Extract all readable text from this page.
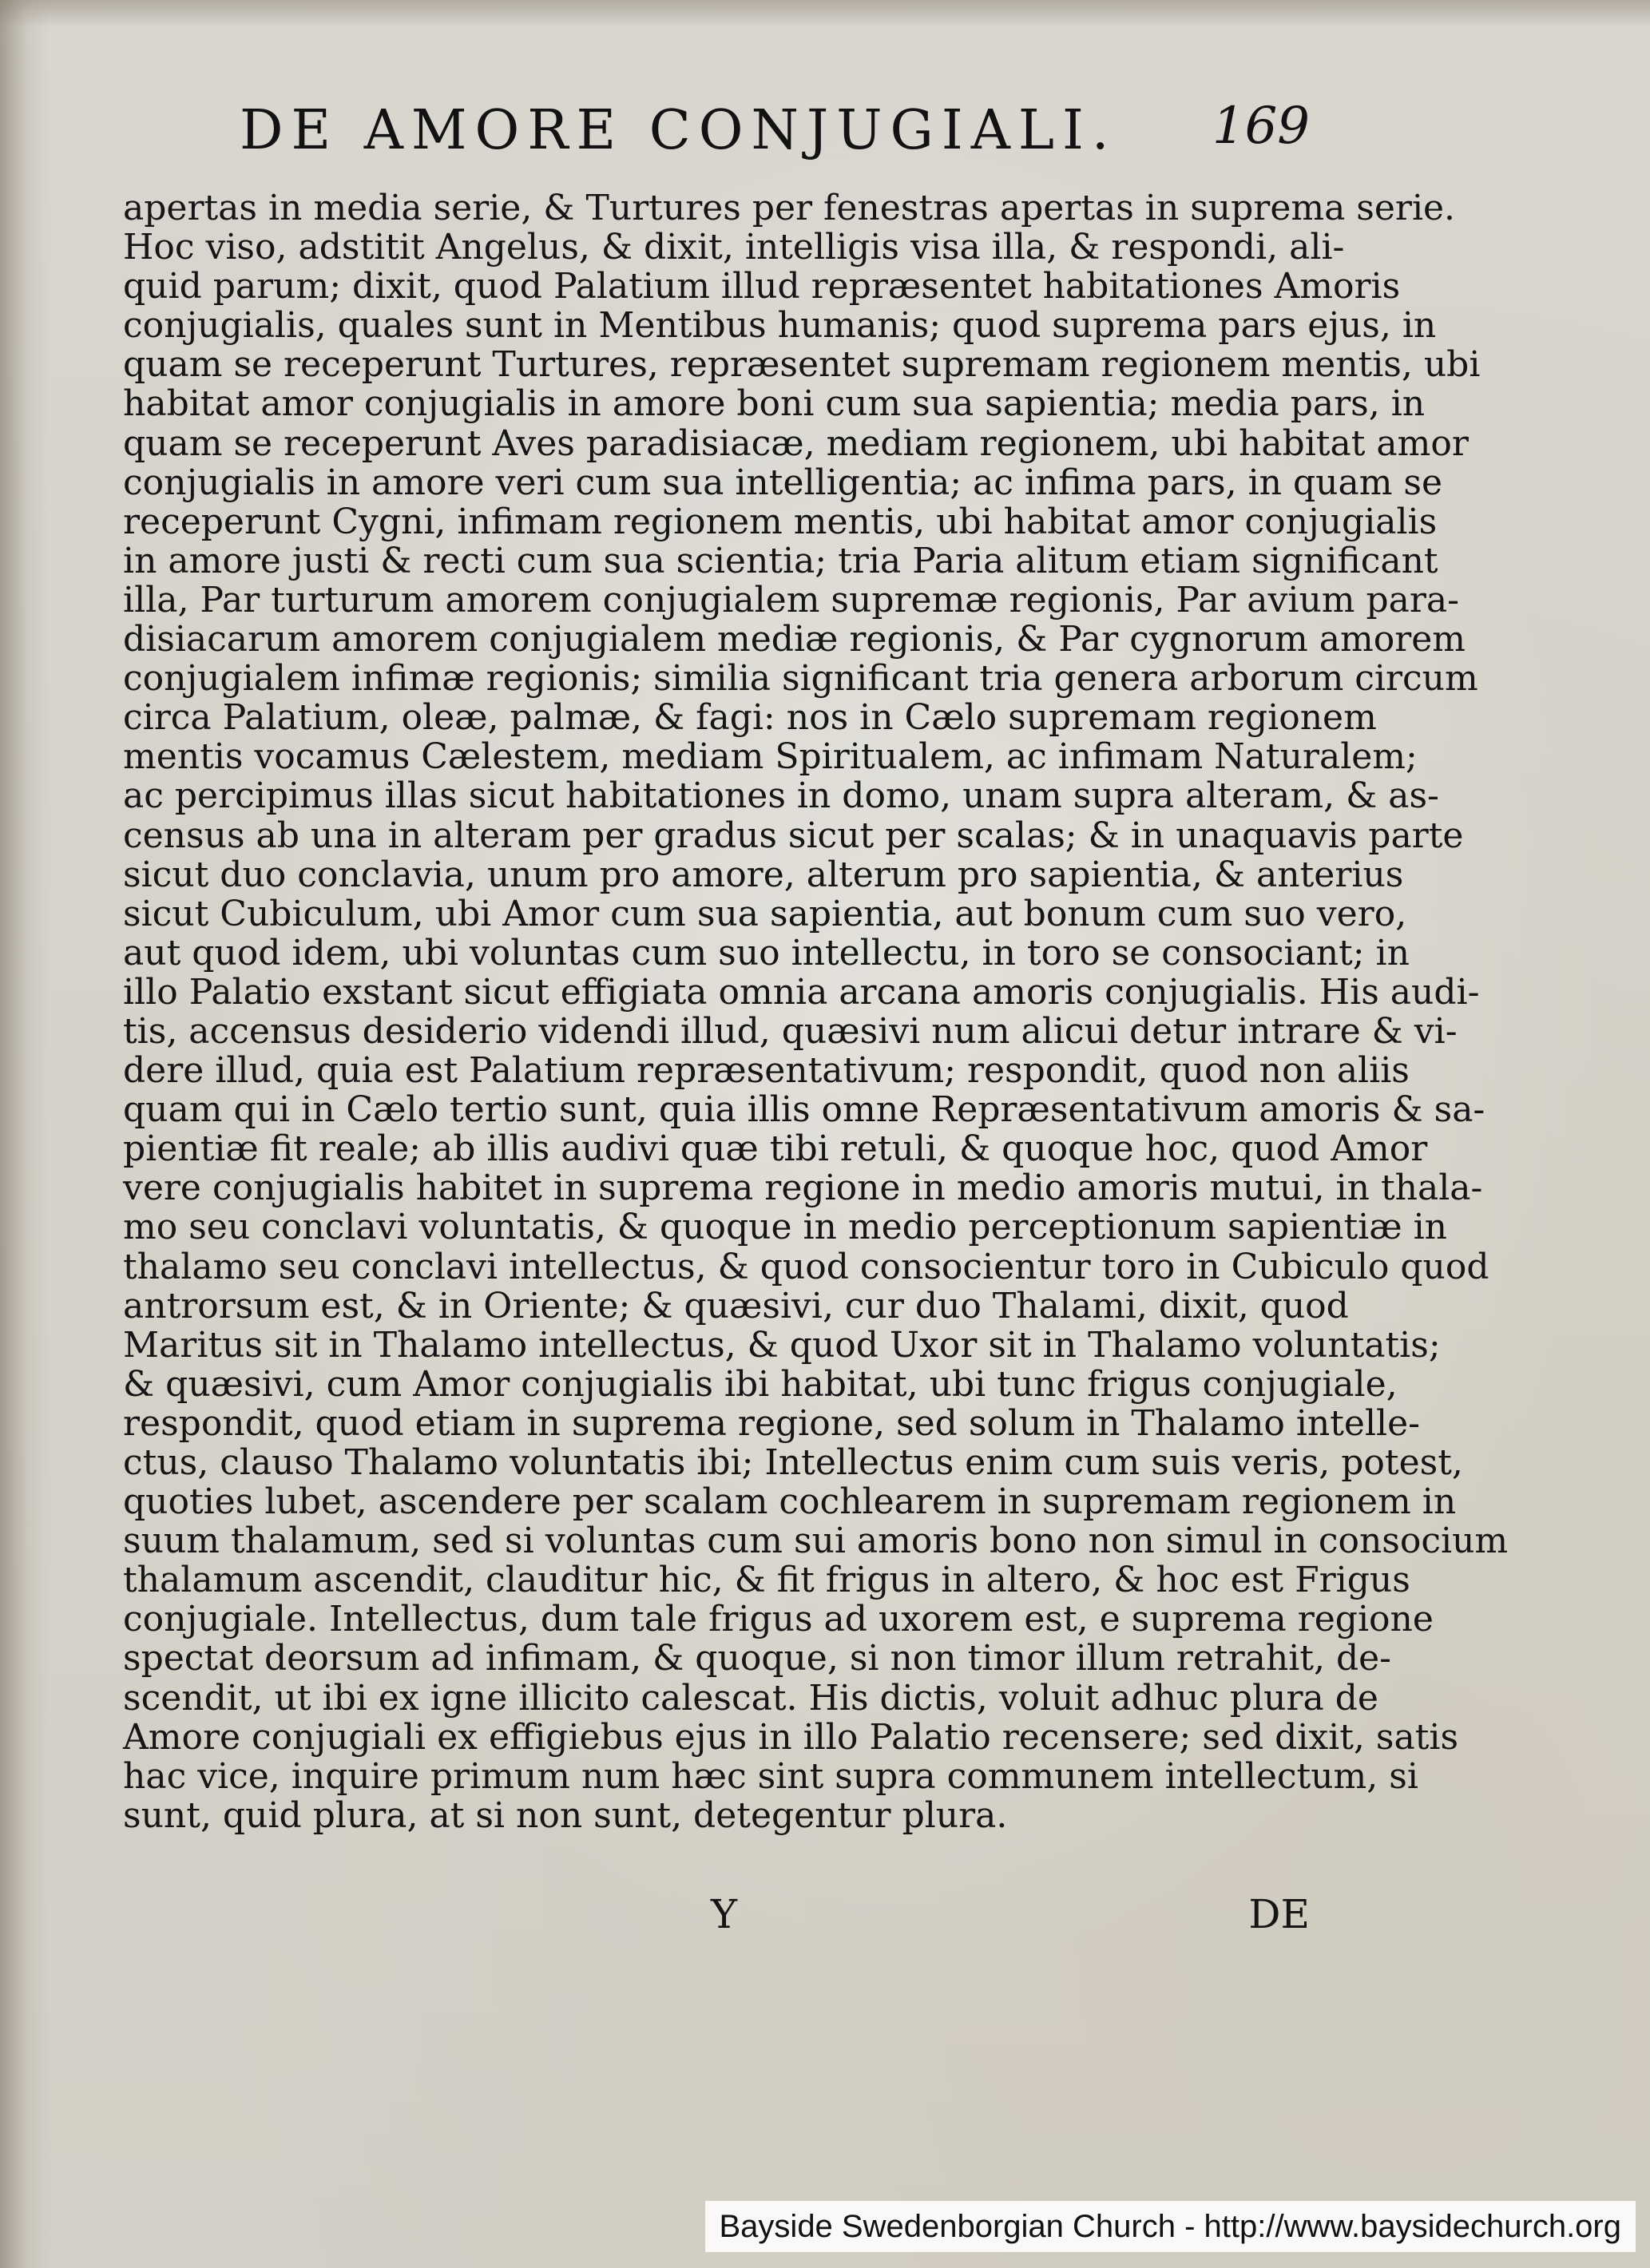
DE AMORE CONJUGIALI. 169
apertas in media serie, & Turtures per fenestras apertas in suprema serie.
Hoc viso, adstitit Angelus, & dixit, intelligis visa illa, & respondi, ali-
quid parum; dixit, quod Palatium illud repræsentet habitationes Amoris
conjugialis, quales sunt in Mentibus humanis; quod suprema pars ejus, in
quam se receperunt Turtures, repræsentet supremam regionem mentis, ubi
habitat amor conjugialis in amore boni cum sua sapientia; media pars, in
quam se receperunt Aves paradisiacæ, mediam regionem, ubi habitat amor
conjugialis in amore veri cum sua intelligentia; ac infima pars, in quam se
receperunt Cygni, infimam regionem mentis, ubi habitat amor conjugialis
in amore justi & recti cum sua scientia; tria Paria alitum etiam significant
illa, Par turturum amorem conjugialem supremæ regionis, Par avium para-
disiacarum amorem conjugialem mediæ regionis, & Par cygnorum amorem
conjugialem infimæ regionis; similia significant tria genera arborum circum
circa Palatium, oleæ, palmæ, & fagi: nos in Cælo supremam regionem
mentis vocamus Cælestem, mediam Spiritualem, ac infimam Naturalem;
ac percipimus illas sicut habitationes in domo, unam supra alteram, & as-
census ab una in alteram per gradus sicut per scalas; & in unaquavis parte
sicut duo conclavia, unum pro amore, alterum pro sapientia, & anterius
sicut Cubiculum, ubi Amor cum sua sapientia, aut bonum cum suo vero,
aut quod idem, ubi voluntas cum suo intellectu, in toro se consociant; in
illo Palatio exstant sicut effigiata omnia arcana amoris conjugialis. His audi-
tis, accensus desiderio videndi illud, quæsivi num alicui detur intrare & vi-
dere illud, quia est Palatium repræsentativum; respondit, quod non aliis
quam qui in Cælo tertio sunt, quia illis omne Repræsentativum amoris & sa-
pientiæ fit reale; ab illis audivi quæ tibi retuli, & quoque hoc, quod Amor
vere conjugialis habitet in suprema regione in medio amoris mutui, in thala-
mo seu conclavi voluntatis, & quoque in medio perceptionum sapientiæ in
thalamo seu conclavi intellectus, & quod consocientur toro in Cubiculo quod
antrorsum est, & in Oriente; & quæsivi, cur duo Thalami, dixit, quod
Maritus sit in Thalamo intellectus, & quod Uxor sit in Thalamo voluntatis;
& quæsivi, cum Amor conjugialis ibi habitat, ubi tunc frigus conjugiale,
respondit, quod etiam in suprema regione, sed solum in Thalamo intelle-
ctus, clauso Thalamo voluntatis ibi; Intellectus enim cum suis veris, potest,
quoties lubet, ascendere per scalam cochlearem in supremam regionem in
suum thalamum, sed si voluntas cum sui amoris bono non simul in consocium
thalamum ascendit, clauditur hic, & fit frigus in altero, & hoc est Frigus
conjugiale. Intellectus, dum tale frigus ad uxorem est, e suprema regione
spectat deorsum ad infimam, & quoque, si non timor illum retrahit, de-
scendit, ut ibi ex igne illicito calescat. His dictis, voluit adhuc plura de
Amore conjugiali ex effigiebus ejus in illo Palatio recensere; sed dixit, satis
hac vice, inquire primum num hæc sint supra communem intellectum, si
sunt, quid plura, at si non sunt, detegentur plura.
Y	DE
Bayside Swedenborgian Church - http://www.baysidechurch.org
